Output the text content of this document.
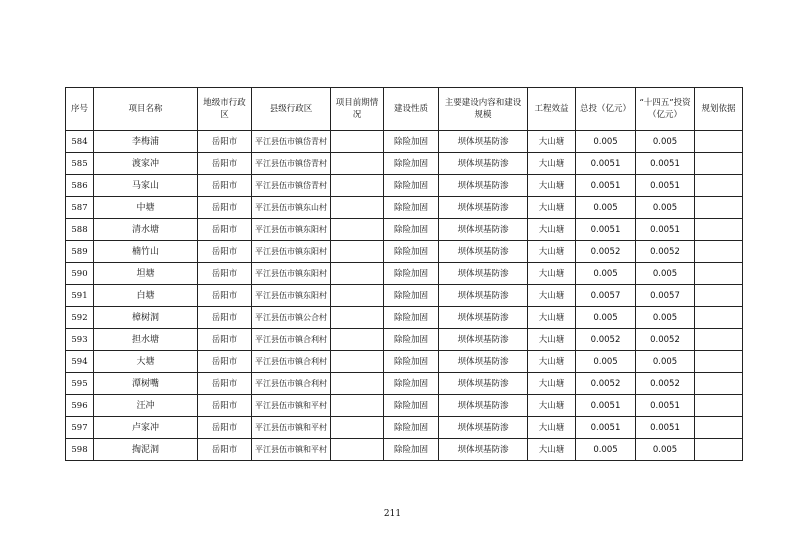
序号	项目名称	地级市行政区	县级行政区	项目前期情况	建设性质	主要建设内容和建设规模	工程效益	总投（亿元）	“十四五”投资（亿元）	规划依据
584	李梅浦	岳阳市	平江县伍市镇岱青村		除险加固	坝体坝基防渗	大山塘	0.005	0.005	
585	渡家冲	岳阳市	平江县伍市镇岱青村		除险加固	坝体坝基防渗	大山塘	0.0051	0.0051	
586	马家山	岳阳市	平江县伍市镇岱青村		除险加固	坝体坝基防渗	大山塘	0.0051	0.0051	
587	中塘	岳阳市	平江县伍市镇东山村		除险加固	坝体坝基防渗	大山塘	0.005	0.005	
588	清水塘	岳阳市	平江县伍市镇东阳村		除险加固	坝体坝基防渗	大山塘	0.0051	0.0051	
589	楠竹山	岳阳市	平江县伍市镇东阳村		除险加固	坝体坝基防渗	大山塘	0.0052	0.0052	
590	坦塘	岳阳市	平江县伍市镇东阳村		除险加固	坝体坝基防渗	大山塘	0.005	0.005	
591	白塘	岳阳市	平江县伍市镇东阳村		除险加固	坝体坝基防渗	大山塘	0.0057	0.0057	
592	樟树洞	岳阳市	平江县伍市镇公合村		除险加固	坝体坝基防渗	大山塘	0.005	0.005	
593	担水塘	岳阳市	平江县伍市镇合利村		除险加固	坝体坝基防渗	大山塘	0.0052	0.0052	
594	大塘	岳阳市	平江县伍市镇合利村		除险加固	坝体坝基防渗	大山塘	0.005	0.005	
595	潭树嘴	岳阳市	平江县伍市镇合利村		除险加固	坝体坝基防渗	大山塘	0.0052	0.0052	
596	汪冲	岳阳市	平江县伍市镇和平村		除险加固	坝体坝基防渗	大山塘	0.0051	0.0051	
597	卢家冲	岳阳市	平江县伍市镇和平村		除险加固	坝体坝基防渗	大山塘	0.0051	0.0051	
598	掏泥洞	岳阳市	平江县伍市镇和平村		除险加固	坝体坝基防渗	大山塘	0.005	0.005	
211
